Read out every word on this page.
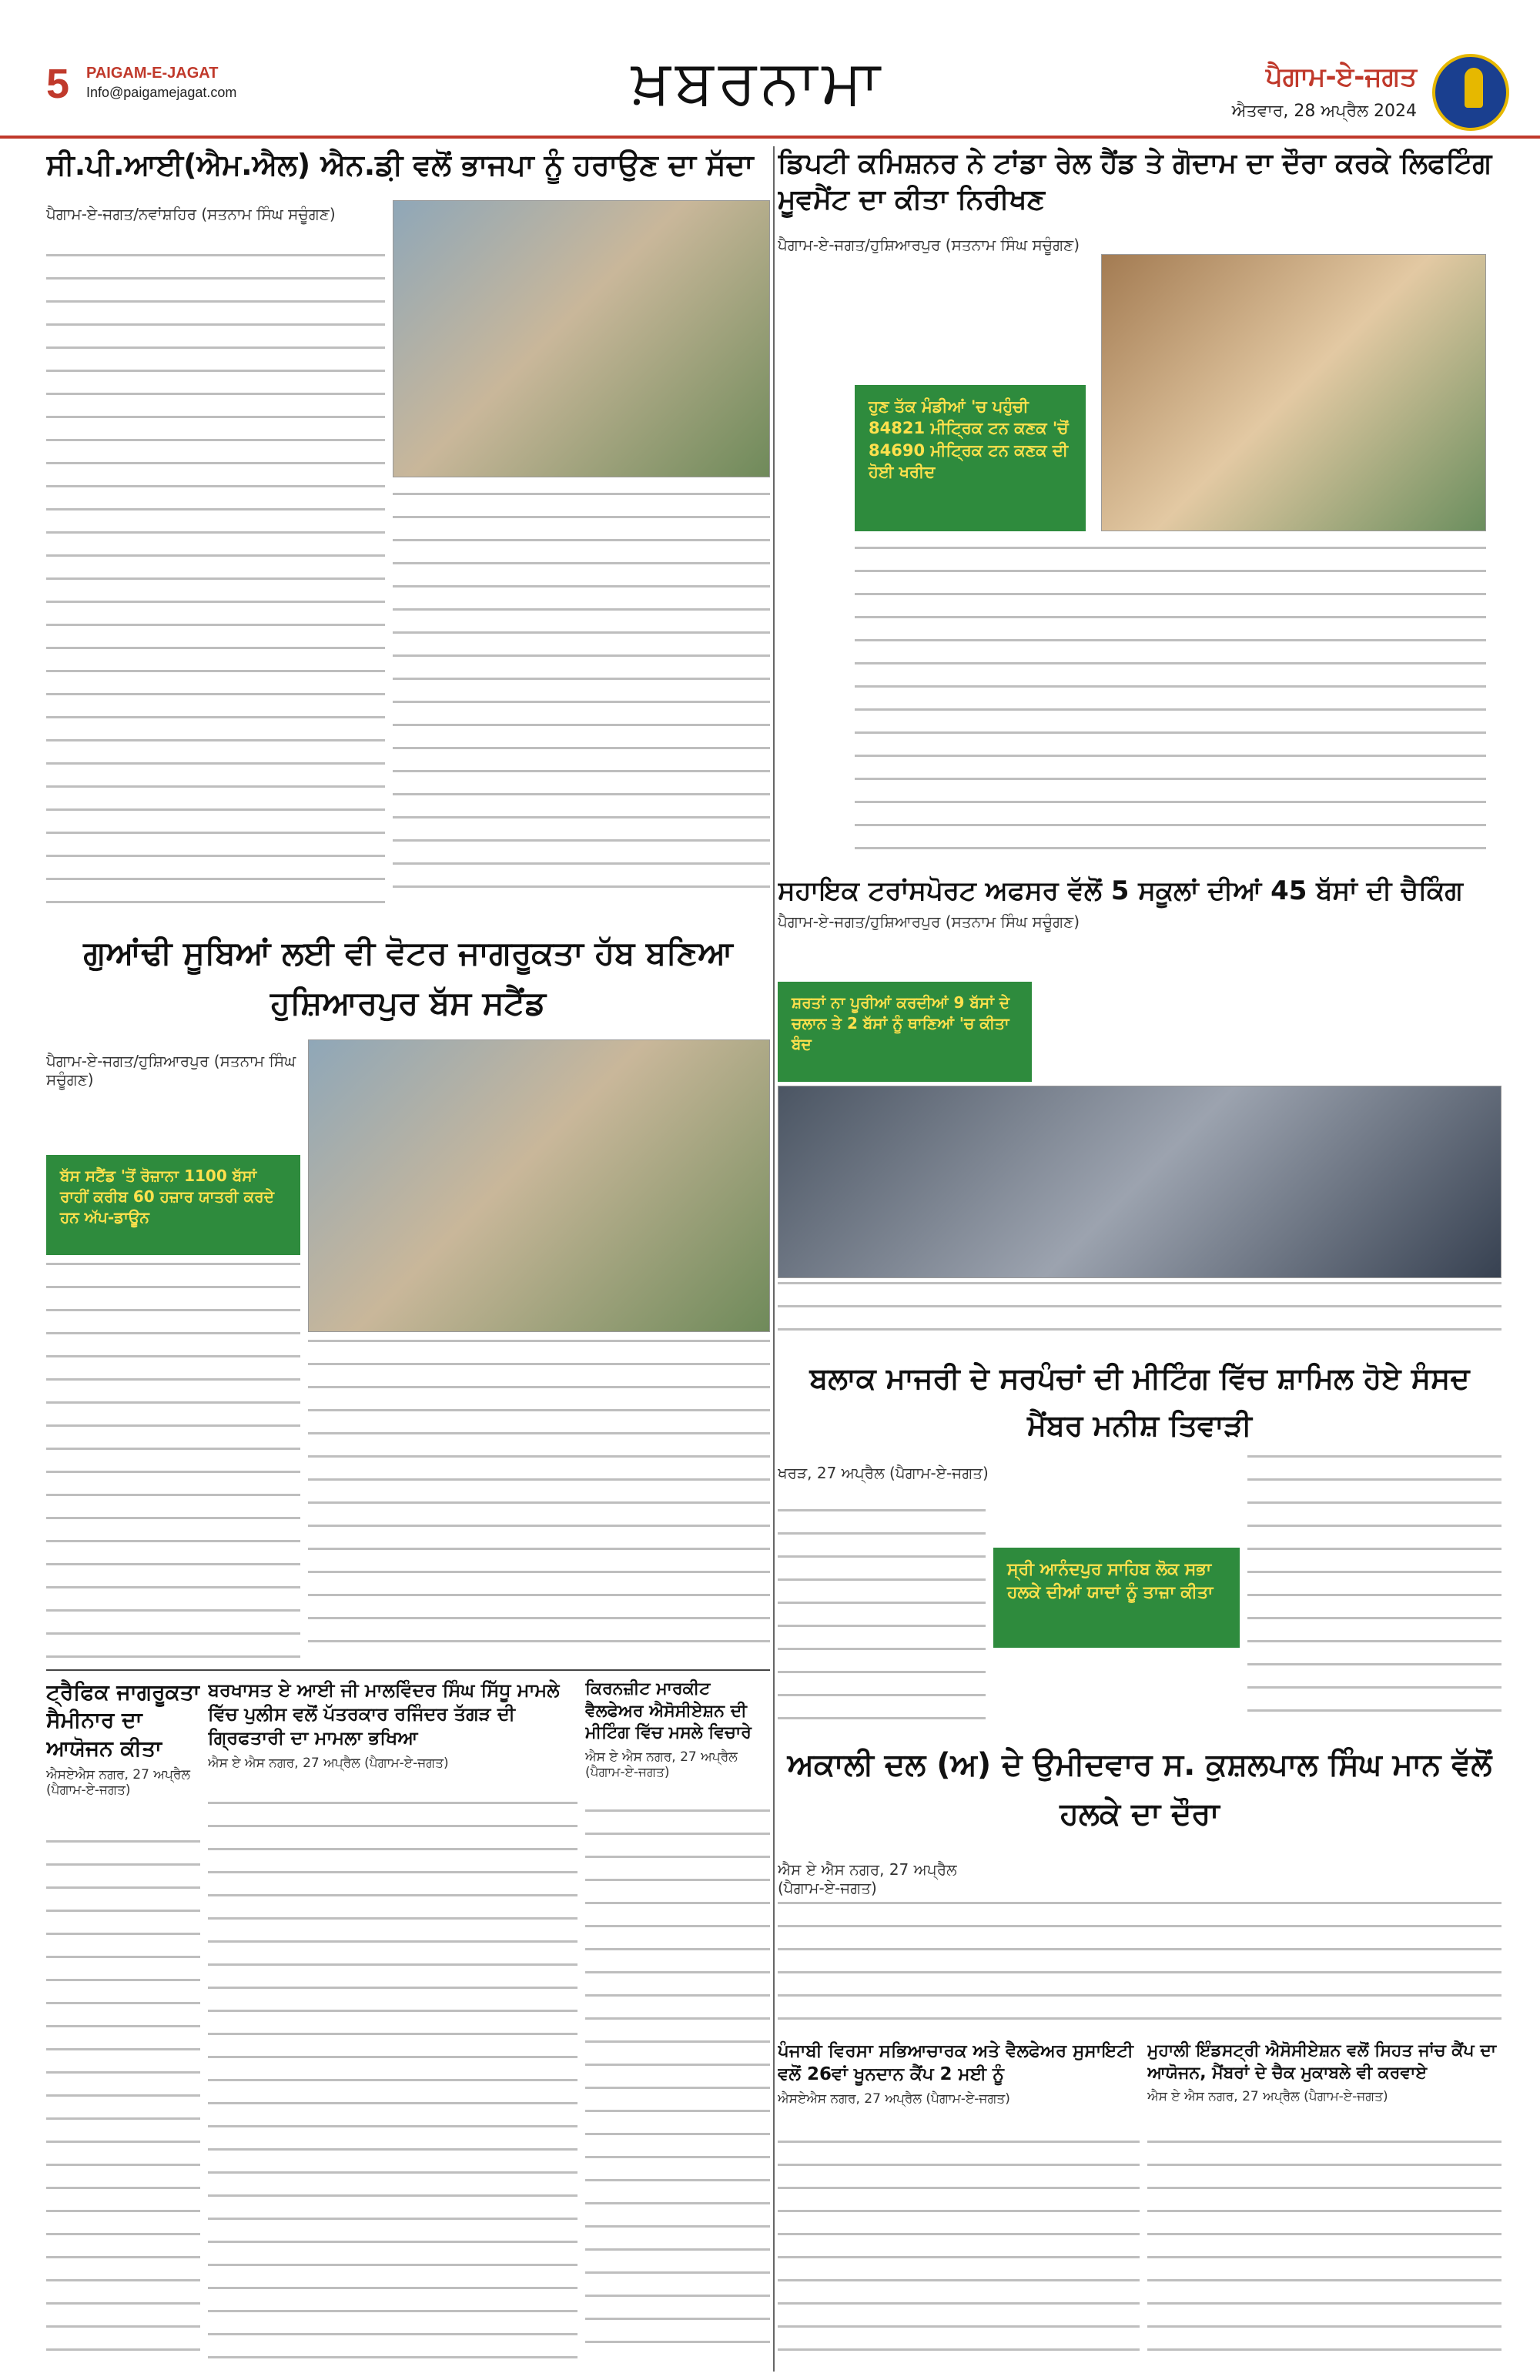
5 PAIGAM-E-JAGAT
Info@paigamejagat.com	ਖ਼ਬਰਨਾਮਾ	ਪੈਗਾਮ-ਏ-ਜਗਤ
ਐਤਵਾਰ, 28 ਅਪ੍ਰੈਲ 2024
ਸੀ.ਪੀ.ਆਈ(ਐਮ.ਐਲ) ਐਨ.ਡ਼ੀ ਵਲੋਂ ਭਾਜਪਾ ਨੂੰ ਹਰਾਉਣ ਦਾ ਸੱਦਾ
ਪੈਗਾਮ-ਏ-ਜਗਤ/ਨਵਾਂਸ਼ਹਿਰ (ਸਤਨਾਮ ਸਿੰਘ ਸਚੂੰਗਣ)
ਡਿਪਟੀ ਕਮਿਸ਼ਨਰ ਨੇ ਟਾਂਡਾ ਰੇਲ ਹੈਂਡ ਤੇ ਗੋਦਾਮ ਦਾ ਦੌਰਾ ਕਰਕੇ ਲਿਫਟਿੰਗ ਮੂਵਮੈਂਟ ਦਾ ਕੀਤਾ ਨਿਰੀਖਣ
ਪੈਗਾਮ-ਏ-ਜਗਤ/ਹੁਸ਼ਿਆਰਪੁਰ (ਸਤਨਾਮ ਸਿੰਘ ਸਚੂੰਗਣ)
ਹੁਣ ਤੱਕ ਮੰਡੀਆਂ 'ਚ ਪਹੁੰਚੀ 84821 ਮੀਟ੍ਰਿਕ ਟਨ ਕਣਕ 'ਚੋਂ 84690 ਮੀਟ੍ਰਿਕ ਟਨ ਕਣਕ ਦੀ ਹੋਈ ਖਰੀਦ
ਸਹਾਇਕ ਟਰਾਂਸਪੋਰਟ ਅਫਸਰ ਵੱਲੋਂ 5 ਸਕੂਲਾਂ ਦੀਆਂ 45 ਬੱਸਾਂ ਦੀ ਚੈਕਿੰਗ
ਪੈਗਾਮ-ਏ-ਜਗਤ/ਹੁਸ਼ਿਆਰਪੁਰ (ਸਤਨਾਮ ਸਿੰਘ ਸਚੂੰਗਣ)
ਸ਼ਰਤਾਂ ਨਾ ਪੂਰੀਆਂ ਕਰਦੀਆਂ 9 ਬੱਸਾਂ ਦੇ ਚਲਾਨ ਤੇ 2 ਬੱਸਾਂ ਨੂੰ ਥਾਣਿਆਂ 'ਚ ਕੀਤਾ ਬੰਦ
ਗੁਆਂਢੀ ਸੂਬਿਆਂ ਲਈ ਵੀ ਵੋਟਰ ਜਾਗਰੂਕਤਾ ਹੱਬ ਬਣਿਆ ਹੁਸ਼ਿਆਰਪੁਰ ਬੱਸ ਸਟੈਂਡ
ਪੈਗਾਮ-ਏ-ਜਗਤ/ਹੁਸ਼ਿਆਰਪੁਰ (ਸਤਨਾਮ ਸਿੰਘ ਸਚੂੰਗਣ)
ਬੱਸ ਸਟੈਂਡ 'ਤੋਂ ਰੋਜ਼ਾਨਾ 1100 ਬੱਸਾਂ ਰਾਹੀਂ ਕਰੀਬ 60 ਹਜ਼ਾਰ ਯਾਤਰੀ ਕਰਦੇ ਹਨ ਅੱਪ-ਡਾਊਨ
ਬਲਾਕ ਮਾਜਰੀ ਦੇ ਸਰਪੰਚਾਂ ਦੀ ਮੀਟਿੰਗ ਵਿੱਚ ਸ਼ਾਮਿਲ ਹੋਏ ਸੰਸਦ ਮੈਂਬਰ ਮਨੀਸ਼ ਤਿਵਾੜੀ
ਖਰੜ, 27 ਅਪ੍ਰੈਲ (ਪੈਗਾਮ-ਏ-ਜਗਤ)
ਸ੍ਰੀ ਆਨੰਦਪੁਰ ਸਾਹਿਬ ਲੋਕ ਸਭਾ ਹਲਕੇ ਦੀਆਂ ਯਾਦਾਂ ਨੂੰ ਤਾਜ਼ਾ ਕੀਤਾ
ਅਕਾਲੀ ਦਲ (ਅ) ਦੇ ਉਮੀਦਵਾਰ ਸ. ਕੁਸ਼ਲਪਾਲ ਸਿੰਘ ਮਾਨ ਵੱਲੋਂ ਹਲਕੇ ਦਾ ਦੌਰਾ
ਐਸ ਏ ਐਸ ਨਗਰ, 27 ਅਪ੍ਰੈਲ (ਪੈਗਾਮ-ਏ-ਜਗਤ)
ਟ੍ਰੈਫਿਕ ਜਾਗਰੂਕਤਾ ਸੈਮੀਨਾਰ ਦਾ ਆਯੋਜਨ ਕੀਤਾ
ਐਸਏਐਸ ਨਗਰ, 27 ਅਪ੍ਰੈਲ (ਪੈਗਾਮ-ਏ-ਜਗਤ)
ਬਰਖਾਸਤ ਏ ਆਈ ਜੀ ਮਾਲਵਿੰਦਰ ਸਿੰਘ ਸਿੱਧੂ ਮਾਮਲੇ ਵਿੱਚ ਪੁਲੀਸ ਵਲੋਂ ਪੱਤਰਕਾਰ ਰਜਿੰਦਰ ਤੱਗੜ ਦੀ ਗ੍ਰਿਫਤਾਰੀ ਦਾ ਮਾਮਲਾ ਭਖਿਆ
ਐਸ ਏ ਐਸ ਨਗਰ, 27 ਅਪ੍ਰੈਲ (ਪੈਗਾਮ-ਏ-ਜਗਤ)
ਕਿਰਨਜ਼ੀਟ ਮਾਰਕੀਟ ਵੈਲਫੇਅਰ ਐਸੋਸੀਏਸ਼ਨ ਦੀ ਮੀਟਿੰਗ ਵਿੱਚ ਮਸਲੇ ਵਿਚਾਰੇ
ਐਸ ਏ ਐਸ ਨਗਰ, 27 ਅਪ੍ਰੈਲ (ਪੈਗਾਮ-ਏ-ਜਗਤ)
ਪੰਜਾਬੀ ਵਿਰਸਾ ਸਭਿਆਚਾਰਕ ਅਤੇ ਵੈਲਫੇਅਰ ਸੁਸਾਇਟੀ ਵਲੋਂ 26ਵਾਂ ਖੂਨਦਾਨ ਕੈਂਪ 2 ਮਈ ਨੂੰ
ਐਸਏਐਸ ਨਗਰ, 27 ਅਪ੍ਰੈਲ (ਪੈਗਾਮ-ਏ-ਜਗਤ)
ਮੁਹਾਲੀ ਇੰਡਸਟ੍ਰੀ ਐਸੋਸੀਏਸ਼ਨ ਵਲੋਂ ਸਿਹਤ ਜਾਂਚ ਕੈਂਪ ਦਾ ਆਯੋਜਨ, ਮੈਂਬਰਾਂ ਦੇ ਚੈਕ ਮੁਕਾਬਲੇ ਵੀ ਕਰਵਾਏ
ਐਸ ਏ ਐਸ ਨਗਰ, 27 ਅਪ੍ਰੈਲ (ਪੈਗਾਮ-ਏ-ਜਗਤ)
